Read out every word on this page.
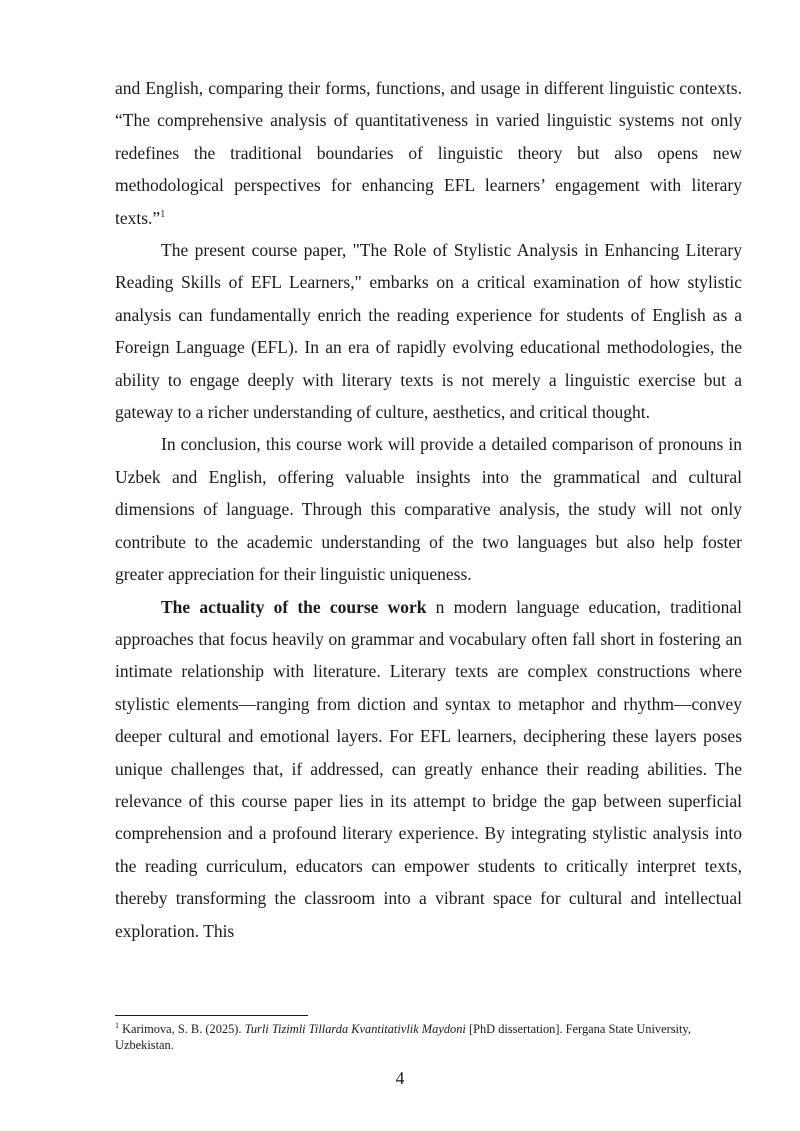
and English, comparing their forms, functions, and usage in different linguistic contexts. “The comprehensive analysis of quantitativeness in varied linguistic systems not only redefines the traditional boundaries of linguistic theory but also opens new methodological perspectives for enhancing EFL learners’ engagement with literary texts.”$^1$

The present course paper, "The Role of Stylistic Analysis in Enhancing Literary Reading Skills of EFL Learners," embarks on a critical examination of how stylistic analysis can fundamentally enrich the reading experience for students of English as a Foreign Language (EFL). In an era of rapidly evolving educational methodologies, the ability to engage deeply with literary texts is not merely a linguistic exercise but a gateway to a richer understanding of culture, aesthetics, and critical thought.

In conclusion, this course work will provide a detailed comparison of pronouns in Uzbek and English, offering valuable insights into the grammatical and cultural dimensions of language. Through this comparative analysis, the study will not only contribute to the academic understanding of the two languages but also help foster greater appreciation for their linguistic uniqueness.

The actuality of the course work n modern language education, traditional approaches that focus heavily on grammar and vocabulary often fall short in fostering an intimate relationship with literature. Literary texts are complex constructions where stylistic elements—ranging from diction and syntax to metaphor and rhythm—convey deeper cultural and emotional layers. For EFL learners, deciphering these layers poses unique challenges that, if addressed, can greatly enhance their reading abilities. The relevance of this course paper lies in its attempt to bridge the gap between superficial comprehension and a profound literary experience. By integrating stylistic analysis into the reading curriculum, educators can empower students to critically interpret texts, thereby transforming the classroom into a vibrant space for cultural and intellectual exploration. This

$^1$ Karimova, S. B. (2025). Turli Tizimli Tillarda Kvantitativlik Maydoni [PhD dissertation]. Fergana State University, Uzbekistan.
4
